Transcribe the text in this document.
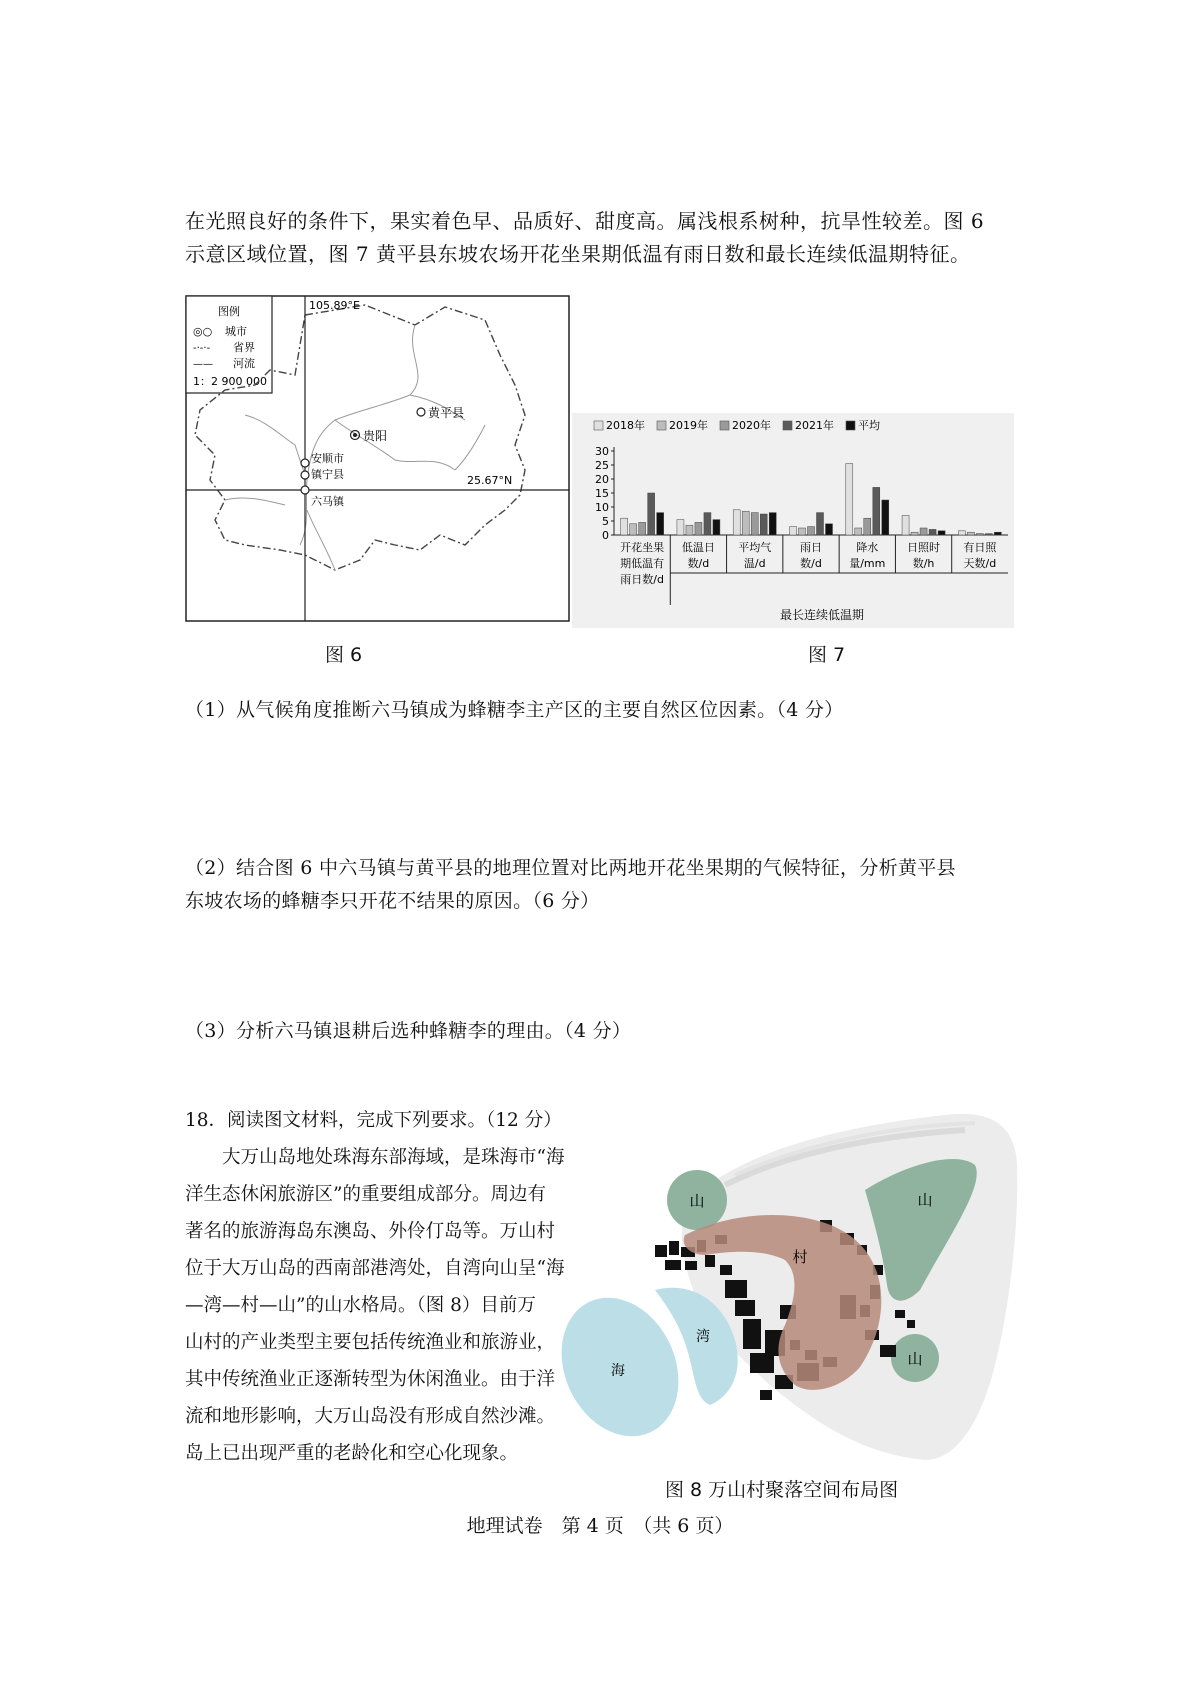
在光照良好的条件下，果实着色早、品质好、甜度高。属浅根系树种，抗旱性较差。图 6

示意区域位置，图 7 黄平县东坡农场开花坐果期低温有雨日数和最长连续低温期特征。

图例
◎○ 城市
-·-·- 省界
—— 河流
1：2 900 000
105.89°E
25.67°N
贵阳
黄平县
安顺市
镇宁县
六马镇
2018年 2019年 2020年 2021年 平均
0
5
10
15
20
25
30
开花坐果
期低温有
雨日数/d
低温日
数/d
平均气
温/d
雨日
数/d
降水
量/mm
日照时
数/h
有日照
天数/d
最长连续低温期
图 6	图 7

（1）从气候角度推断六马镇成为蜂糖李主产区的主要自然区位因素。（4 分）

（2）结合图 6 中六马镇与黄平县的地理位置对比两地开花坐果期的气候特征，分析黄平县

东坡农场的蜂糖李只开花不结果的原因。（6 分）

（3）分析六马镇退耕后选种蜂糖李的理由。（4 分）

18．阅读图文材料，完成下列要求。（12 分）

大万山岛地处珠海东部海域，是珠海市“海

洋生态休闲旅游区”的重要组成部分。周边有

著名的旅游海岛东澳岛、外伶仃岛等。万山村

位于大万山岛的西南部港湾处，自湾向山呈“海

—湾—村—山”的山水格局。（图 8）目前万

山村的产业类型主要包括传统渔业和旅游业，

其中传统渔业正逐渐转型为休闲渔业。由于洋

流和地形影响，大万山岛没有形成自然沙滩。

岛上已出现严重的老龄化和空心化现象。

山	山
山
村
湾
海
图 8 万山村聚落空间布局图
地理试卷　第 4 页　（共 6 页）
